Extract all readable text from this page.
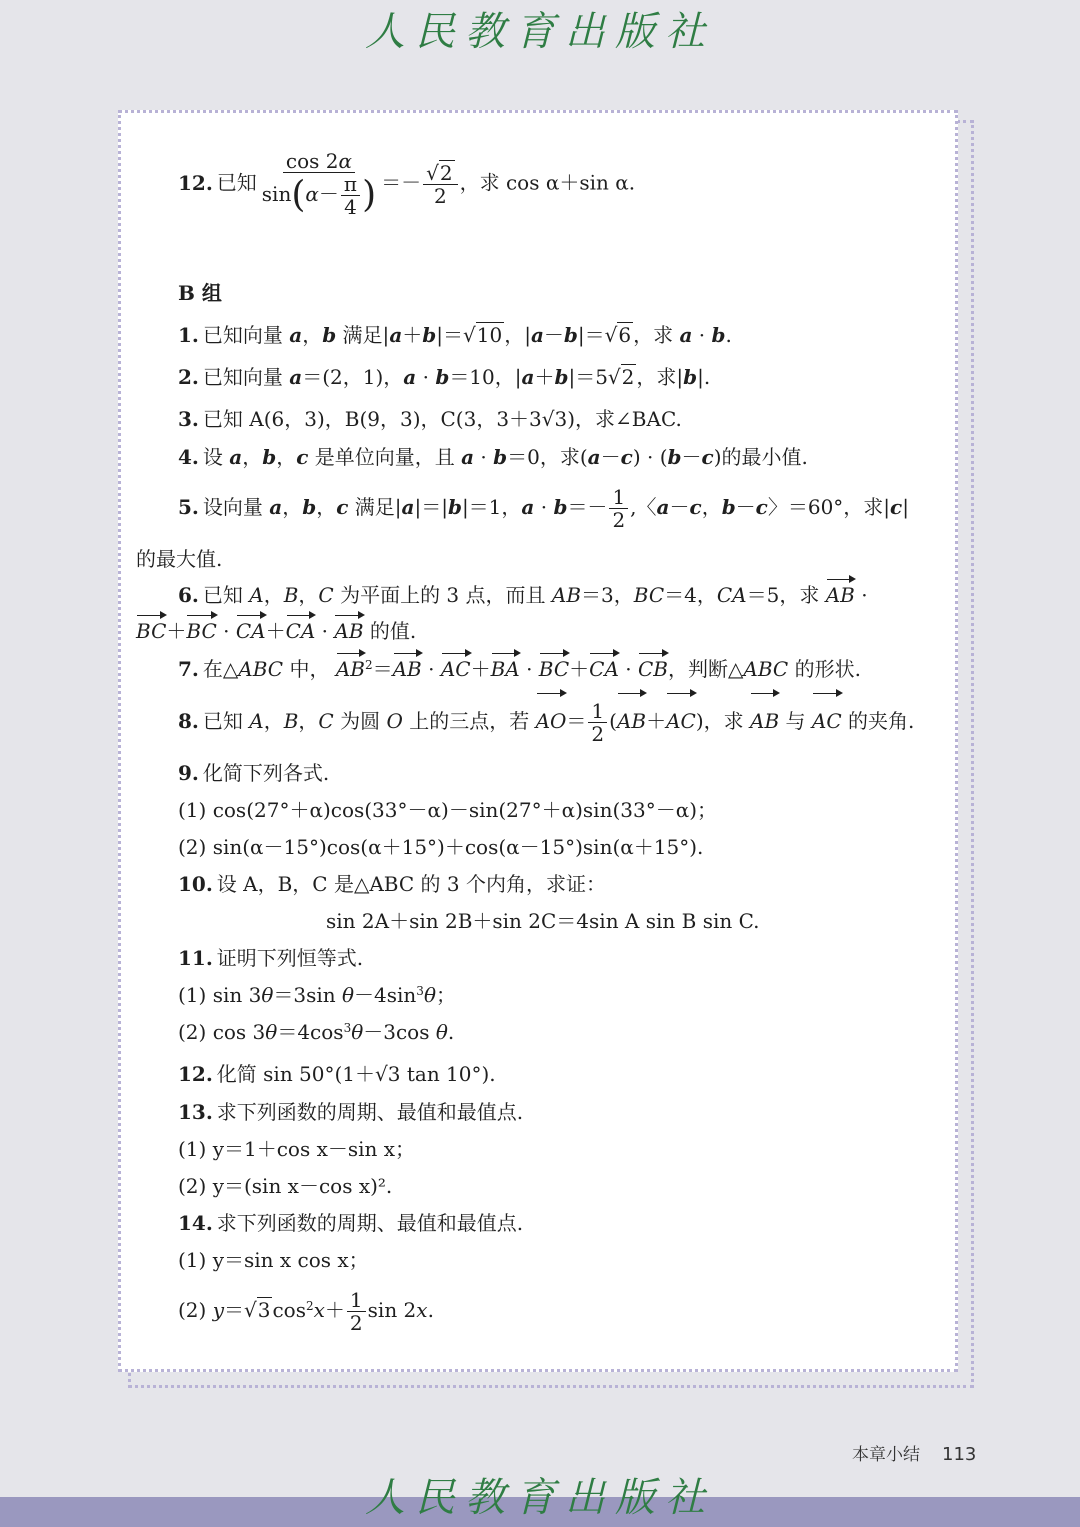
人民教育出版社
12. 已知 $\frac{\cos 2\alpha}{\sin(\alpha- \frac{\pi}{4} )} =- \frac{√2}{2}$ ，求 cos α＋sin α.
B 组
1. 已知向量 a，b 满足|a＋b|＝√10 ，|a－b|＝√6 ，求 a · b.
2. 已知向量 a＝(2，1)，a · b＝10，|a＋b|＝5√2 ，求|b|.
3. 已知 A(6，3)，B(9，3)，C(3，3＋3√3)，求∠BAC.
4. 设 a，b，c 是单位向量，且 a · b＝0，求(a－c) · (b－c)的最小值.
5. 设向量 a，b，c 满足|a|＝|b|＝1，$a \cdot b=- \frac{1}{2}$ ,〈a－c，b－c〉＝60°，求|c|
的最大值.
6. 已知 A，B，C 为平面上的 3 点，而且 AB＝3，BC＝4，CA＝5，求 AB ·
BC＋BC · CA＋CA · AB 的值.
7. 在△ABC 中， $AB^2=AB \cdot AC+BA \cdot BC+CA$ · CB，判断△ABC 的形状.
8. 已知 A，B，C 为圆 O 上的三点，若 $AO= \frac{1}{2} (AB+AC)$，求 AB 与 AC 的夹角.
9. 化简下列各式.
(1) cos(27°＋α)cos(33°－α)－sin(27°＋α)sin(33°－α)；
(2) sin(α－15°)cos(α＋15°)＋cos(α－15°)sin(α＋15°).
10. 设 A，B，C 是△ABC 的 3 个内角，求证：
sin 2A＋sin 2B＋sin 2C＝4sin A sin B sin C.
11. 证明下列恒等式.
(1) sin 3θ＝3sin $\theta-4\sin^3\theta$；
(2) $\cos 3\theta=4\cos^3\theta-3\cos$ θ.
12. 化简 sin 50°(1＋√3 tan 10°).
13. 求下列函数的周期、最值和最值点.
(1) y＝1＋cos x－sin x；
(2) y＝(sin x－cos x)².
14. 求下列函数的周期、最值和最值点.
(1) y＝sin x cos x；
(2) y＝√3 $\cos^2x+ \frac{1}{2}$ sin 2x.
本章小结 113
人民教育出版社
